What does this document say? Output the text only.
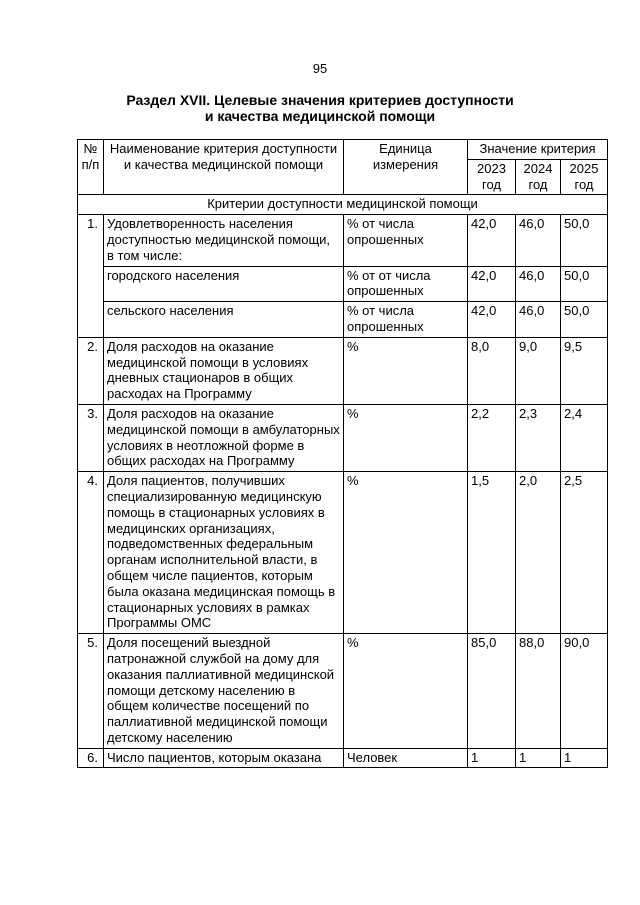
95
Раздел XVII. Целевые значения критериев доступности
и качества медицинской помощи
№ п/п	Наименование критерия доступности и качества медицинской помощи	Единица измерения	Значение критерия		
			2023 год	2024 год	2025 год
Критерии доступности медицинской помощи					
1.	Удовлетворенность населения доступностью медицинской помощи, в том числе:	% от числа опрошенных	42,0	46,0	50,0
	городского населения	% от от числа опрошенных	42,0	46,0	50,0
	сельского населения	% от числа опрошенных	42,0	46,0	50,0
2.	Доля расходов на оказание медицинской помощи в условиях дневных стационаров в общих расходах на Программу	%	8,0	9,0	9,5
3.	Доля расходов на оказание медицинской помощи в амбулаторных условиях в неотложной форме в общих расходах на Программу	%	2,2	2,3	2,4
4.	Доля пациентов, получивших специализированную медицинскую помощь в стационарных условиях в медицинских организациях, подведомственных федеральным органам исполнительной власти, в общем числе пациентов, которым была оказана медицинская помощь в стационарных условиях в рамках Программы ОМС	%	1,5	2,0	2,5
5.	Доля посещений выездной патронажной службой на дому для оказания паллиативной медицинской помощи детскому населению в общем количестве посещений по паллиативной медицинской помощи детскому населению	%	85,0	88,0	90,0
6.	Число пациентов, которым оказана	Человек	1	1	1
